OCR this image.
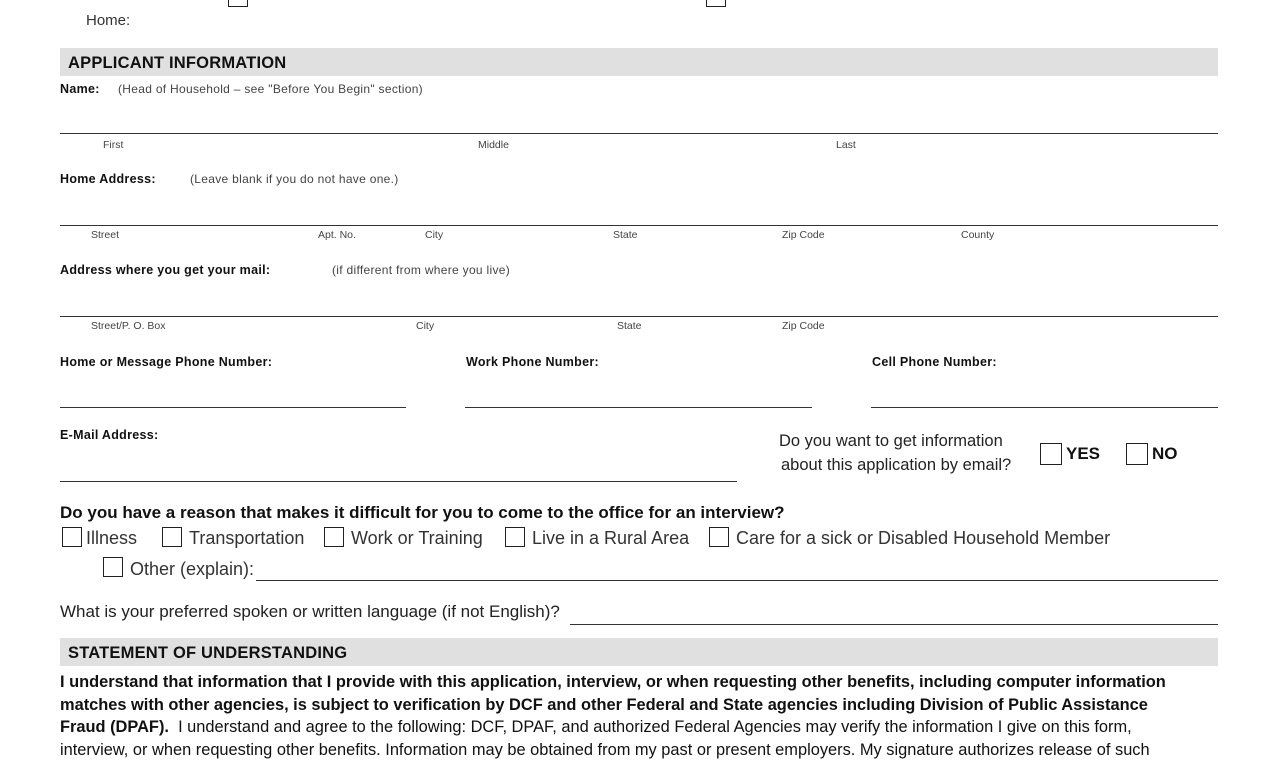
Home:
APPLICANT INFORMATION
Name: (Head of Household – see "Before You Begin" section)
First	Middle	Last
Home Address:	(Leave blank if you do not have one.)
Street	Apt. No.	City	State	Zip Code	County
Address where you get your mail:	(if different from where you live)
Street/P. O. Box	City	State	Zip Code
Home or Message Phone Number:	Work Phone Number:	Cell Phone Number:
E-Mail Address:	Do you want to get information
about this application by email?
YES	NO
Do you have a reason that makes it difficult for you to come to the office for an interview?
Illness	Transportation	Work or Training	Live in a Rural Area	Care for a sick or Disabled Household Member
Other (explain):
What is your preferred spoken or written language (if not English)?
STATEMENT OF UNDERSTANDING
I understand that information that I provide with this application, interview, or when requesting other benefits, including computer information
matches with other agencies, is subject to verification by DCF and other Federal and State agencies including Division of Public Assistance
Fraud (DPAF). I understand and agree to the following: DCF, DPAF, and authorized Federal Agencies may verify the information I give on this form,
interview, or when requesting other benefits. Information may be obtained from my past or present employers. My signature authorizes release of such
